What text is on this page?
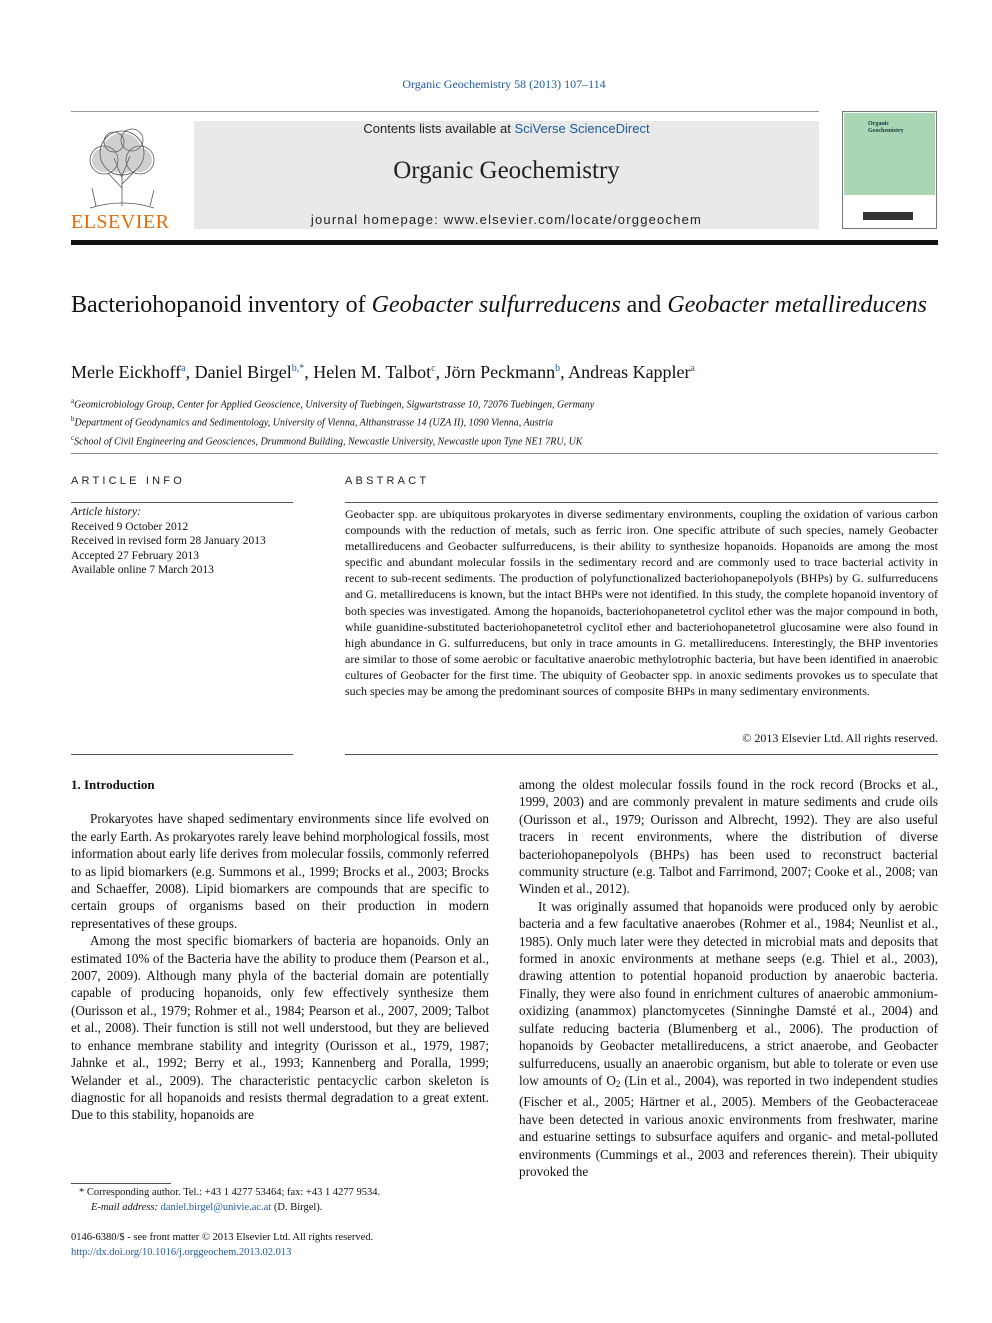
Organic Geochemistry 58 (2013) 107–114
ELSEVIER
Contents lists available at SciVerse ScienceDirect
Organic Geochemistry
journal homepage: www.elsevier.com/locate/orggeochem
Organic
Geochemistry
Bacteriohopanoid inventory of Geobacter sulfurreducens and Geobacter metallireducens
Merle Eickhoff$^a$, Daniel Birgel$^{b,*}$, Helen M. Talbot$^c$, Jörn Peckmann$^b$, Andreas Kappler$^a$
$^a$Geomicrobiology Group, Center for Applied Geoscience, University of Tuebingen, Sigwartstrasse 10, 72076 Tuebingen, Germany
$^b$Department of Geodynamics and Sedimentology, University of Vienna, Althanstrasse 14 (UZA II), 1090 Vienna, Austria
$^c$School of Civil Engineering and Geosciences, Drummond Building, Newcastle University, Newcastle upon Tyne NE1 7RU, UK
ARTICLE INFO
Article history:
Received 9 October 2012
Received in revised form 28 January 2013
Accepted 27 February 2013
Available online 7 March 2013
ABSTRACT
Geobacter spp. are ubiquitous prokaryotes in diverse sedimentary environments, coupling the oxidation of various carbon compounds with the reduction of metals, such as ferric iron. One specific attribute of such species, namely Geobacter metallireducens and Geobacter sulfurreducens, is their ability to synthesize hopanoids. Hopanoids are among the most specific and abundant molecular fossils in the sedimentary record and are commonly used to trace bacterial activity in recent to sub-recent sediments. The production of polyfunctionalized bacteriohopanepolyols (BHPs) by G. sulfurreducens and G. metallireducens is known, but the intact BHPs were not identified. In this study, the complete hopanoid inventory of both species was investigated. Among the hopanoids, bacteriohopanetetrol cyclitol ether was the major compound in both, while guanidine-substituted bacteriohopanetetrol cyclitol ether and bacteriohopanetetrol glucosamine were also found in high abundance in G. sulfurreducens, but only in trace amounts in G. metallireducens. Interestingly, the BHP inventories are similar to those of some aerobic or facultative anaerobic methylotrophic bacteria, but have been identified in anaerobic cultures of Geobacter for the first time. The ubiquity of Geobacter spp. in anoxic sediments provokes us to speculate that such species may be among the predominant sources of composite BHPs in many sedimentary environments.
© 2013 Elsevier Ltd. All rights reserved.
1. Introduction

Prokaryotes have shaped sedimentary environments since life evolved on the early Earth. As prokaryotes rarely leave behind morphological fossils, most information about early life derives from molecular fossils, commonly referred to as lipid biomarkers (e.g. Summons et al., 1999; Brocks et al., 2003; Brocks and Schaeffer, 2008). Lipid biomarkers are compounds that are specific to certain groups of organisms based on their production in modern representatives of these groups.

Among the most specific biomarkers of bacteria are hopanoids. Only an estimated 10% of the Bacteria have the ability to produce them (Pearson et al., 2007, 2009). Although many phyla of the bacterial domain are potentially capable of producing hopanoids, only few effectively synthesize them (Ourisson et al., 1979; Rohmer et al., 1984; Pearson et al., 2007, 2009; Talbot et al., 2008). Their function is still not well understood, but they are believed to enhance membrane stability and integrity (Ourisson et al., 1979, 1987; Jahnke et al., 1992; Berry et al., 1993; Kannenberg and Poralla, 1999; Welander et al., 2009). The characteristic pentacyclic carbon skeleton is diagnostic for all hopanoids and resists thermal degradation to a great extent. Due to this stability, hopanoids are

among the oldest molecular fossils found in the rock record (Brocks et al., 1999, 2003) and are commonly prevalent in mature sediments and crude oils (Ourisson et al., 1979; Ourisson and Albrecht, 1992). They are also useful tracers in recent environments, where the distribution of diverse bacteriohopanepolyols (BHPs) has been used to reconstruct bacterial community structure (e.g. Talbot and Farrimond, 2007; Cooke et al., 2008; van Winden et al., 2012).

It was originally assumed that hopanoids were produced only by aerobic bacteria and a few facultative anaerobes (Rohmer et al., 1984; Neunlist et al., 1985). Only much later were they detected in microbial mats and deposits that formed in anoxic environments at methane seeps (e.g. Thiel et al., 2003), drawing attention to potential hopanoid production by anaerobic bacteria. Finally, they were also found in enrichment cultures of anaerobic ammonium-oxidizing (anammox) planctomycetes (Sinninghe Damsté et al., 2004) and sulfate reducing bacteria (Blumenberg et al., 2006). The production of hopanoids by Geobacter metallireducens, a strict anaerobe, and Geobacter sulfurreducens, usually an anaerobic organism, but able to tolerate or even use low amounts of $O_2$ (Lin et al., 2004), was reported in two independent studies (Fischer et al., 2005; Härtner et al., 2005). Members of the Geobacteraceae have been detected in various anoxic environments from freshwater, marine and estuarine settings to subsurface aquifers and organic- and metal-polluted environments (Cummings et al., 2003 and references therein). Their ubiquity provoked the

* Corresponding author. Tel.: +43 1 4277 53464; fax: +43 1 4277 9534.
E-mail address: daniel.birgel@univie.ac.at (D. Birgel).
0146-6380/$ - see front matter © 2013 Elsevier Ltd. All rights reserved.
http://dx.doi.org/10.1016/j.orggeochem.2013.02.013
